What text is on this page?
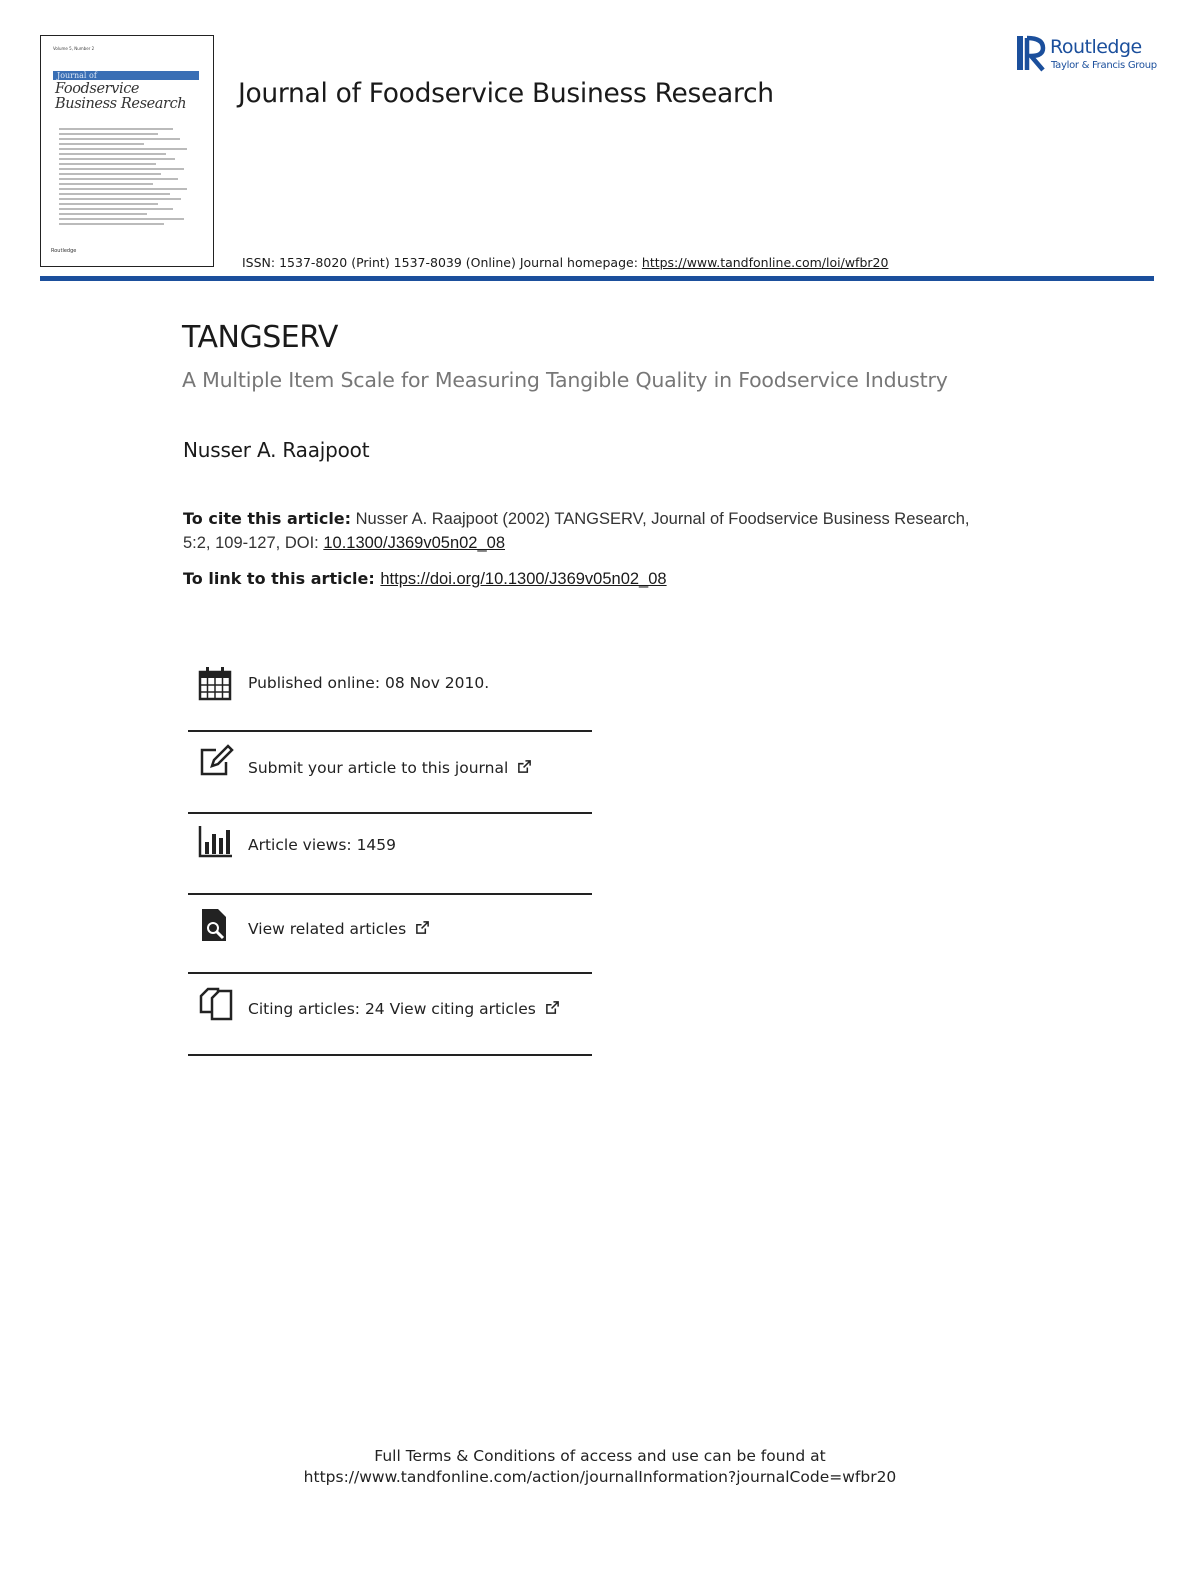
Volume 5, Number 2
Journal of
Foodservice
Business Research
Routledge
Journal of Foodservice Business Research
ISSN: 1537-8020 (Print) 1537-8039 (Online) Journal homepage: https://www.tandfonline.com/loi/wfbr20
Routledge
Taylor & Francis Group
TANGSERV
A Multiple Item Scale for Measuring Tangible Quality in Foodservice Industry
Nusser A. Raajpoot
To cite this article: Nusser A. Raajpoot (2002) TANGSERV, Journal of Foodservice Business Research, 5:2, 109-127, DOI: 10.1300/J369v05n02_08
To link to this article: https://doi.org/10.1300/J369v05n02_08
Published online: 08 Nov 2010.
Submit your article to this journal
Article views: 1459
View related articles
Citing articles: 24 View citing articles
Full Terms & Conditions of access and use can be found at
https://www.tandfonline.com/action/journalInformation?journalCode=wfbr20
